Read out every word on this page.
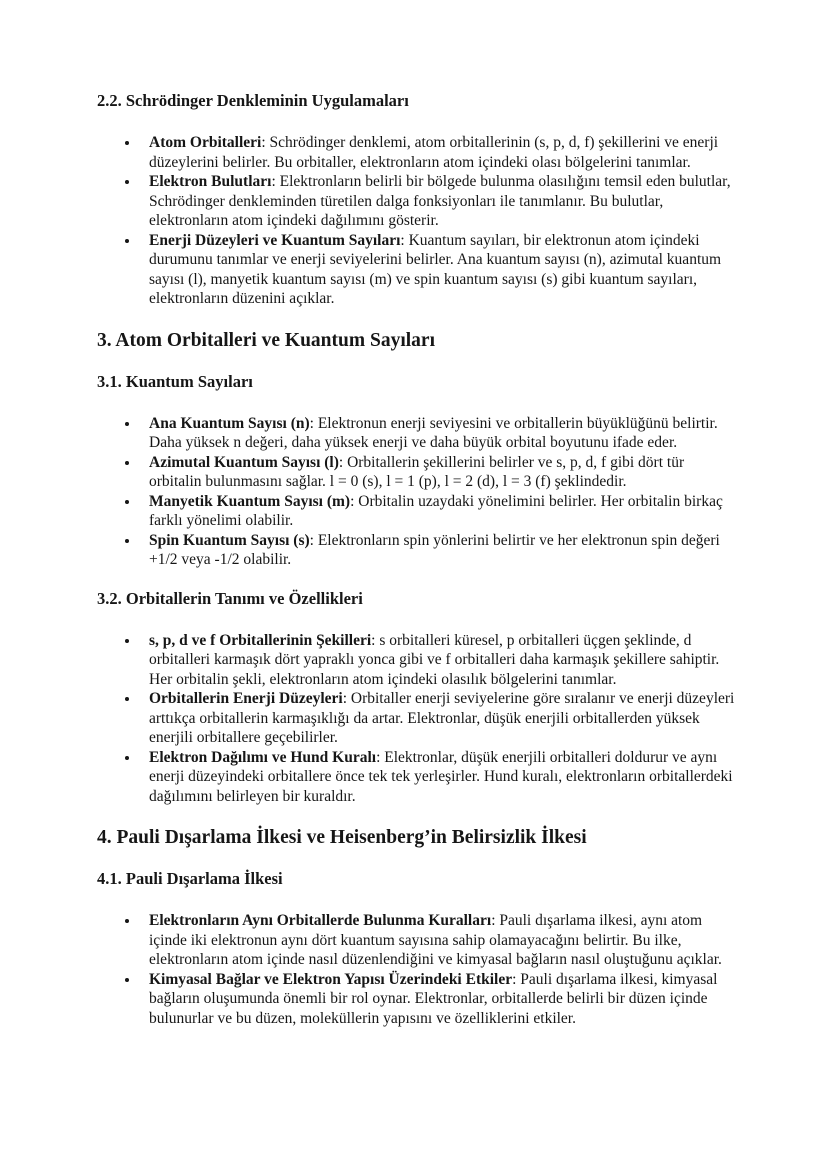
2.2. Schrödinger Denkleminin Uygulamaları
• Atom Orbitalleri: Schrödinger denklemi, atom orbitallerinin (s, p, d, f) şekillerini ve enerji düzeylerini belirler. Bu orbitaller, elektronların atom içindeki olası bölgelerini tanımlar.
• Elektron Bulutları: Elektronların belirli bir bölgede bulunma olasılığını temsil eden bulutlar, Schrödinger denkleminden türetilen dalga fonksiyonları ile tanımlanır. Bu bulutlar, elektronların atom içindeki dağılımını gösterir.
• Enerji Düzeyleri ve Kuantum Sayıları: Kuantum sayıları, bir elektronun atom içindeki durumunu tanımlar ve enerji seviyelerini belirler. Ana kuantum sayısı (n), azimutal kuantum sayısı (l), manyetik kuantum sayısı (m) ve spin kuantum sayısı (s) gibi kuantum sayıları, elektronların düzenini açıklar.
3. Atom Orbitalleri ve Kuantum Sayıları
3.1. Kuantum Sayıları
• Ana Kuantum Sayısı (n): Elektronun enerji seviyesini ve orbitallerin büyüklüğünü belirtir. Daha yüksek n değeri, daha yüksek enerji ve daha büyük orbital boyutunu ifade eder.
• Azimutal Kuantum Sayısı (l): Orbitallerin şekillerini belirler ve s, p, d, f gibi dört tür orbitalin bulunmasını sağlar. l = 0 (s), l = 1 (p), l = 2 (d), l = 3 (f) şeklindedir.
• Manyetik Kuantum Sayısı (m): Orbitalin uzaydaki yönelimini belirler. Her orbitalin birkaç farklı yönelimi olabilir.
• Spin Kuantum Sayısı (s): Elektronların spin yönlerini belirtir ve her elektronun spin değeri +1/2 veya -1/2 olabilir.
3.2. Orbitallerin Tanımı ve Özellikleri
• s, p, d ve f Orbitallerinin Şekilleri: s orbitalleri küresel, p orbitalleri üçgen şeklinde, d orbitalleri karmaşık dört yapraklı yonca gibi ve f orbitalleri daha karmaşık şekillere sahiptir. Her orbitalin şekli, elektronların atom içindeki olasılık bölgelerini tanımlar.
• Orbitallerin Enerji Düzeyleri: Orbitaller enerji seviyelerine göre sıralanır ve enerji düzeyleri arttıkça orbitallerin karmaşıklığı da artar. Elektronlar, düşük enerjili orbitallerden yüksek enerjili orbitallere geçebilirler.
• Elektron Dağılımı ve Hund Kuralı: Elektronlar, düşük enerjili orbitalleri doldurur ve aynı enerji düzeyindeki orbitallere önce tek tek yerleşirler. Hund kuralı, elektronların orbitallerdeki dağılımını belirleyen bir kuraldır.
4. Pauli Dışarlama İlkesi ve Heisenberg’in Belirsizlik İlkesi
4.1. Pauli Dışarlama İlkesi
• Elektronların Aynı Orbitallerde Bulunma Kuralları: Pauli dışarlama ilkesi, aynı atom içinde iki elektronun aynı dört kuantum sayısına sahip olamayacağını belirtir. Bu ilke, elektronların atom içinde nasıl düzenlendiğini ve kimyasal bağların nasıl oluştuğunu açıklar.
• Kimyasal Bağlar ve Elektron Yapısı Üzerindeki Etkiler: Pauli dışarlama ilkesi, kimyasal bağların oluşumunda önemli bir rol oynar. Elektronlar, orbitallerde belirli bir düzen içinde bulunurlar ve bu düzen, moleküllerin yapısını ve özelliklerini etkiler.
